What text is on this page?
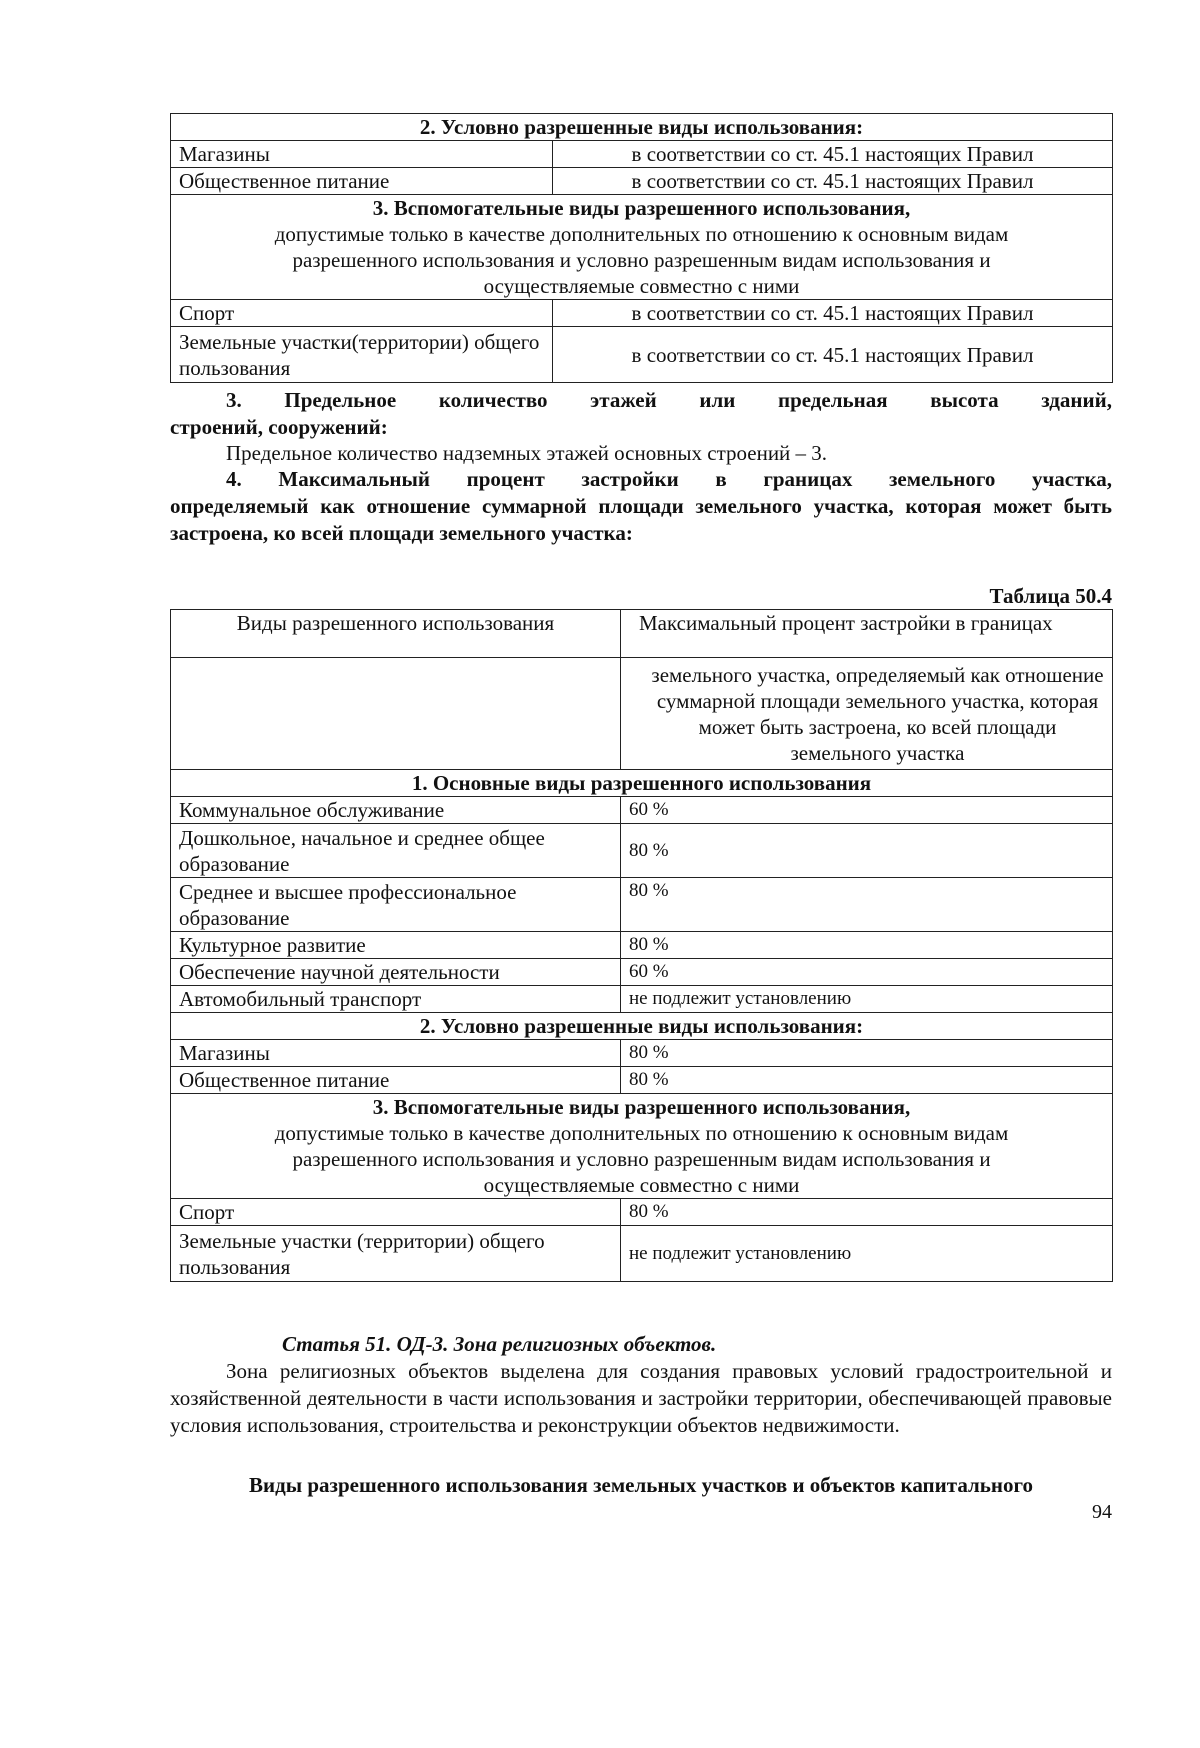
2. Условно разрешенные виды использования:	
Магазины	в соответствии со ст. 45.1 настоящих Правил
Общественное питание	в соответствии со ст. 45.1 настоящих Правил

3. Вспомогательные виды разрешенного использования,
допустимые только в качестве дополнительных по отношению к основным видам
разрешенного использования и условно разрешенным видам использования и
осуществляемые совместно с ними	

Спорт	в соответствии со ст. 45.1 настоящих Правил
Земельные участки(территории) общего пользования	в соответствии со ст. 45.1 настоящих Правил
3. Предельное количество этажей или предельная высота зданий,
строений, сооружений:
Предельное количество надземных этажей основных строений – 3.
4. Максимальный процент застройки в границах земельного участка,
определяемый как отношение суммарной площади земельного участка, которая может быть застроена, ко всей площади земельного участка:
Таблица 50.4
Виды разрешенного использования	Максимальный процент застройки в границах
	земельного участка, определяемый как отношение суммарной площади земельного участка, которая может быть застроена, ко всей площади земельного участка
1. Основные виды разрешенного использования	
Коммунальное обслуживание	60 %
Дошкольное, начальное и среднее общее образование	80 %
Среднее и высшее профессиональное образование	80 %
Культурное развитие	80 %
Обеспечение научной деятельности	60 %
Автомобильный транспорт	не подлежит установлению
2. Условно разрешенные виды использования:	
Магазины	80 %
Общественное питание	80 %

3. Вспомогательные виды разрешенного использования,
допустимые только в качестве дополнительных по отношению к основным видам
разрешенного использования и условно разрешенным видам использования и
осуществляемые совместно с ними	

Спорт	80 %
Земельные участки (территории) общего пользования	не подлежит установлению
Статья 51. ОД-3. Зона религиозных объектов.
Зона религиозных объектов выделена для создания правовых условий градостроительной и хозяйственной деятельности в части использования и застройки территории, обеспечивающей правовые условия использования, строительства и реконструкции объектов недвижимости.
Виды разрешенного использования земельных участков и объектов капитального
94
